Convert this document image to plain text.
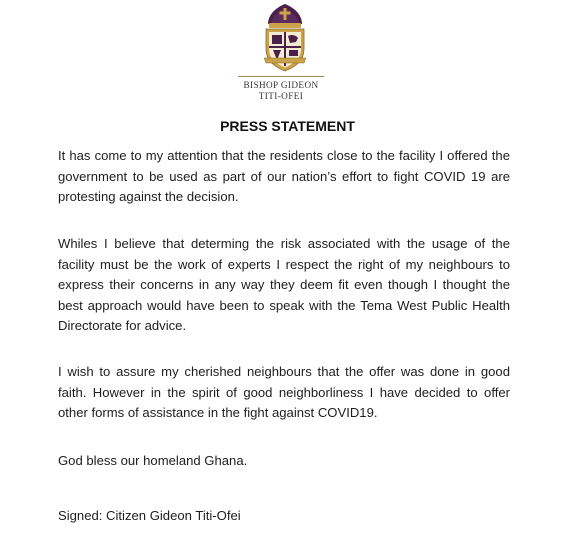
BISHOP GIDEON
TITI-OFEI
PRESS STATEMENT

It has come to my attention that the residents close to the facility I offered the government to be used as part of our nation’s effort to fight COVID 19 are protesting against the decision.

Whiles I believe that determing the risk associated with the usage of the facility must be the work of experts I respect the right of my neighbours to express their concerns in any way they deem fit even though I thought the best approach would have been to speak with the Tema West Public Health Directorate for advice.

I wish to assure my cherished neighbours that the offer was done in good faith. However in the spirit of good neighborliness I have decided to offer other forms of assistance in the fight against COVID19.

God bless our homeland Ghana.

Signed: Citizen Gideon Titi-Ofei
